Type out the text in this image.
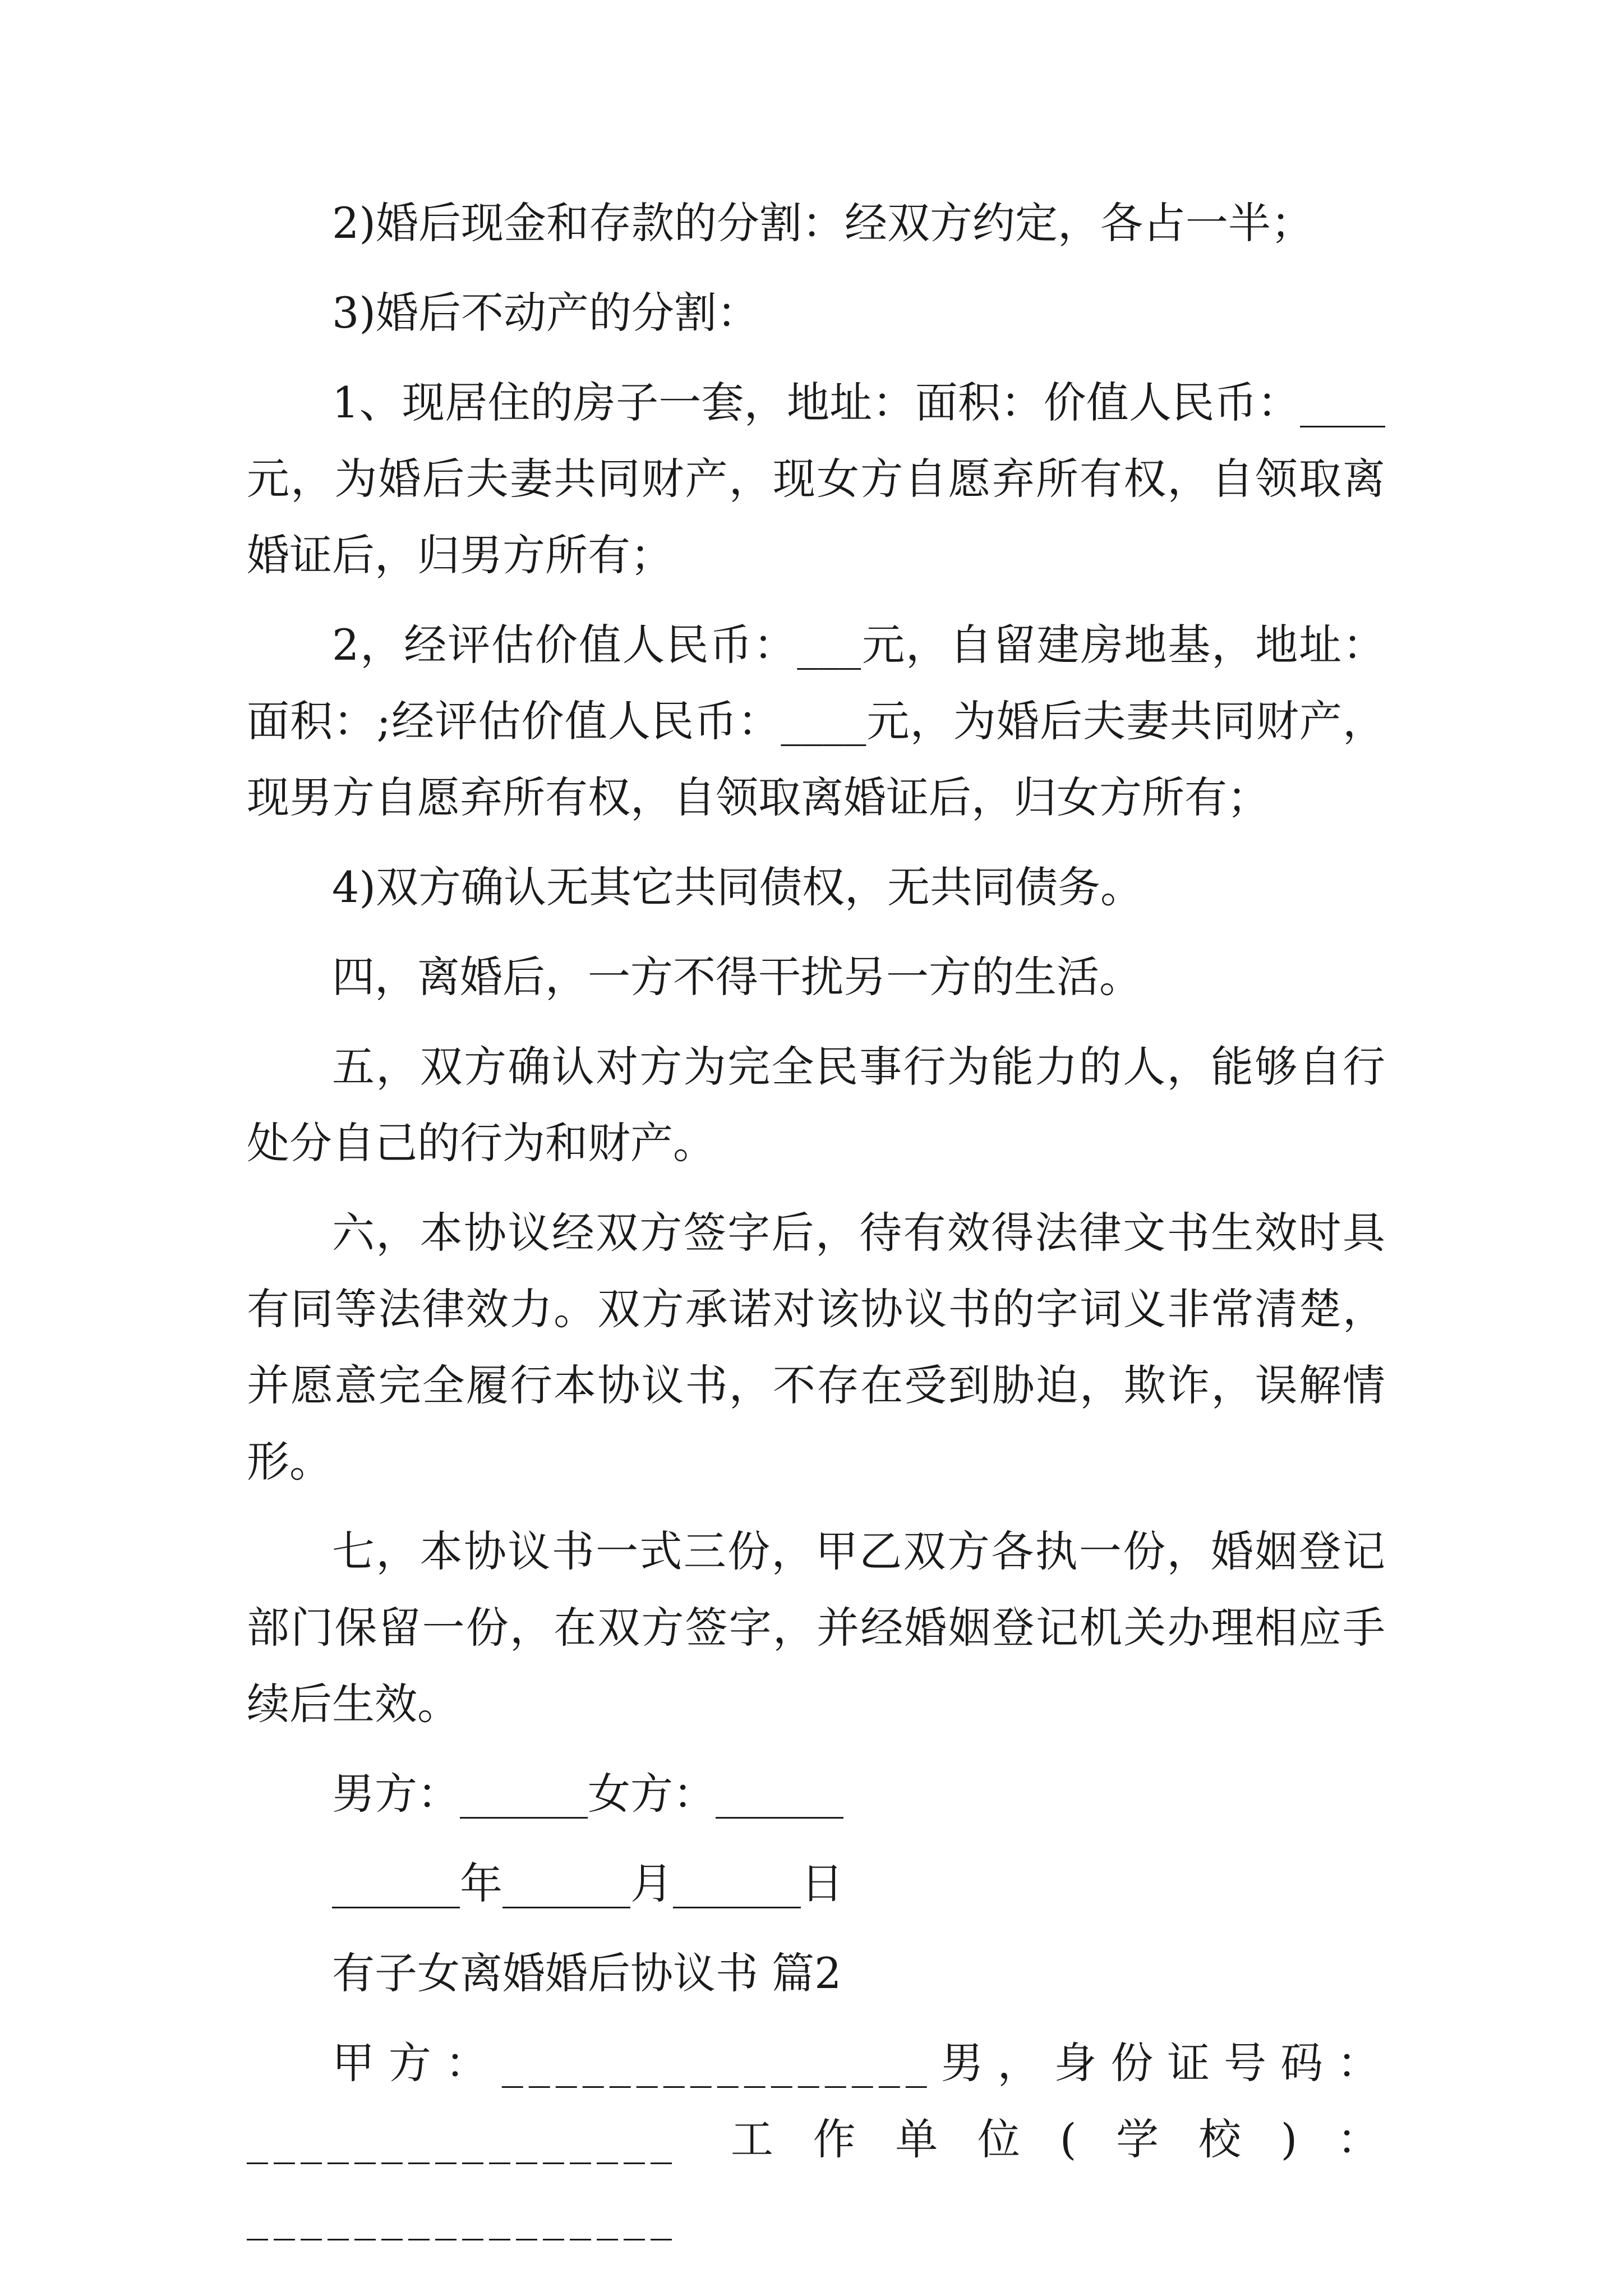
2)婚后现金和存款的分割：经双方约定，各占一半；

3)婚后不动产的分割：

1、现居住的房子一套，地址：面积：价值人民币：____元，为婚后夫妻共同财产，现女方自愿弃所有权，自领取离婚证后，归男方所有；

2，经评估价值人民币：___元，自留建房地基，地址：面积：;经评估价值人民币：____元，为婚后夫妻共同财产，现男方自愿弃所有权，自领取离婚证后，归女方所有；

4)双方确认无其它共同债权，无共同债务。

四，离婚后，一方不得干扰另一方的生活。

五，双方确认对方为完全民事行为能力的人，能够自行处分自己的行为和财产。

六，本协议经双方签字后，待有效得法律文书生效时具有同等法律效力。双方承诺对该协议书的字词义非常清楚，并愿意完全履行本协议书，不存在受到胁迫，欺诈，误解情形。

七，本协议书一式三份，甲乙双方各执一份，婚姻登记部门保留一份，在双方签字，并经婚姻登记机关办理相应手续后生效。

男方：______女方：______

______年______月______日

有子女离婚婚后协议书 篇2

甲方：________________男，身份证号码：________________ 工作单位(学校)：________________
